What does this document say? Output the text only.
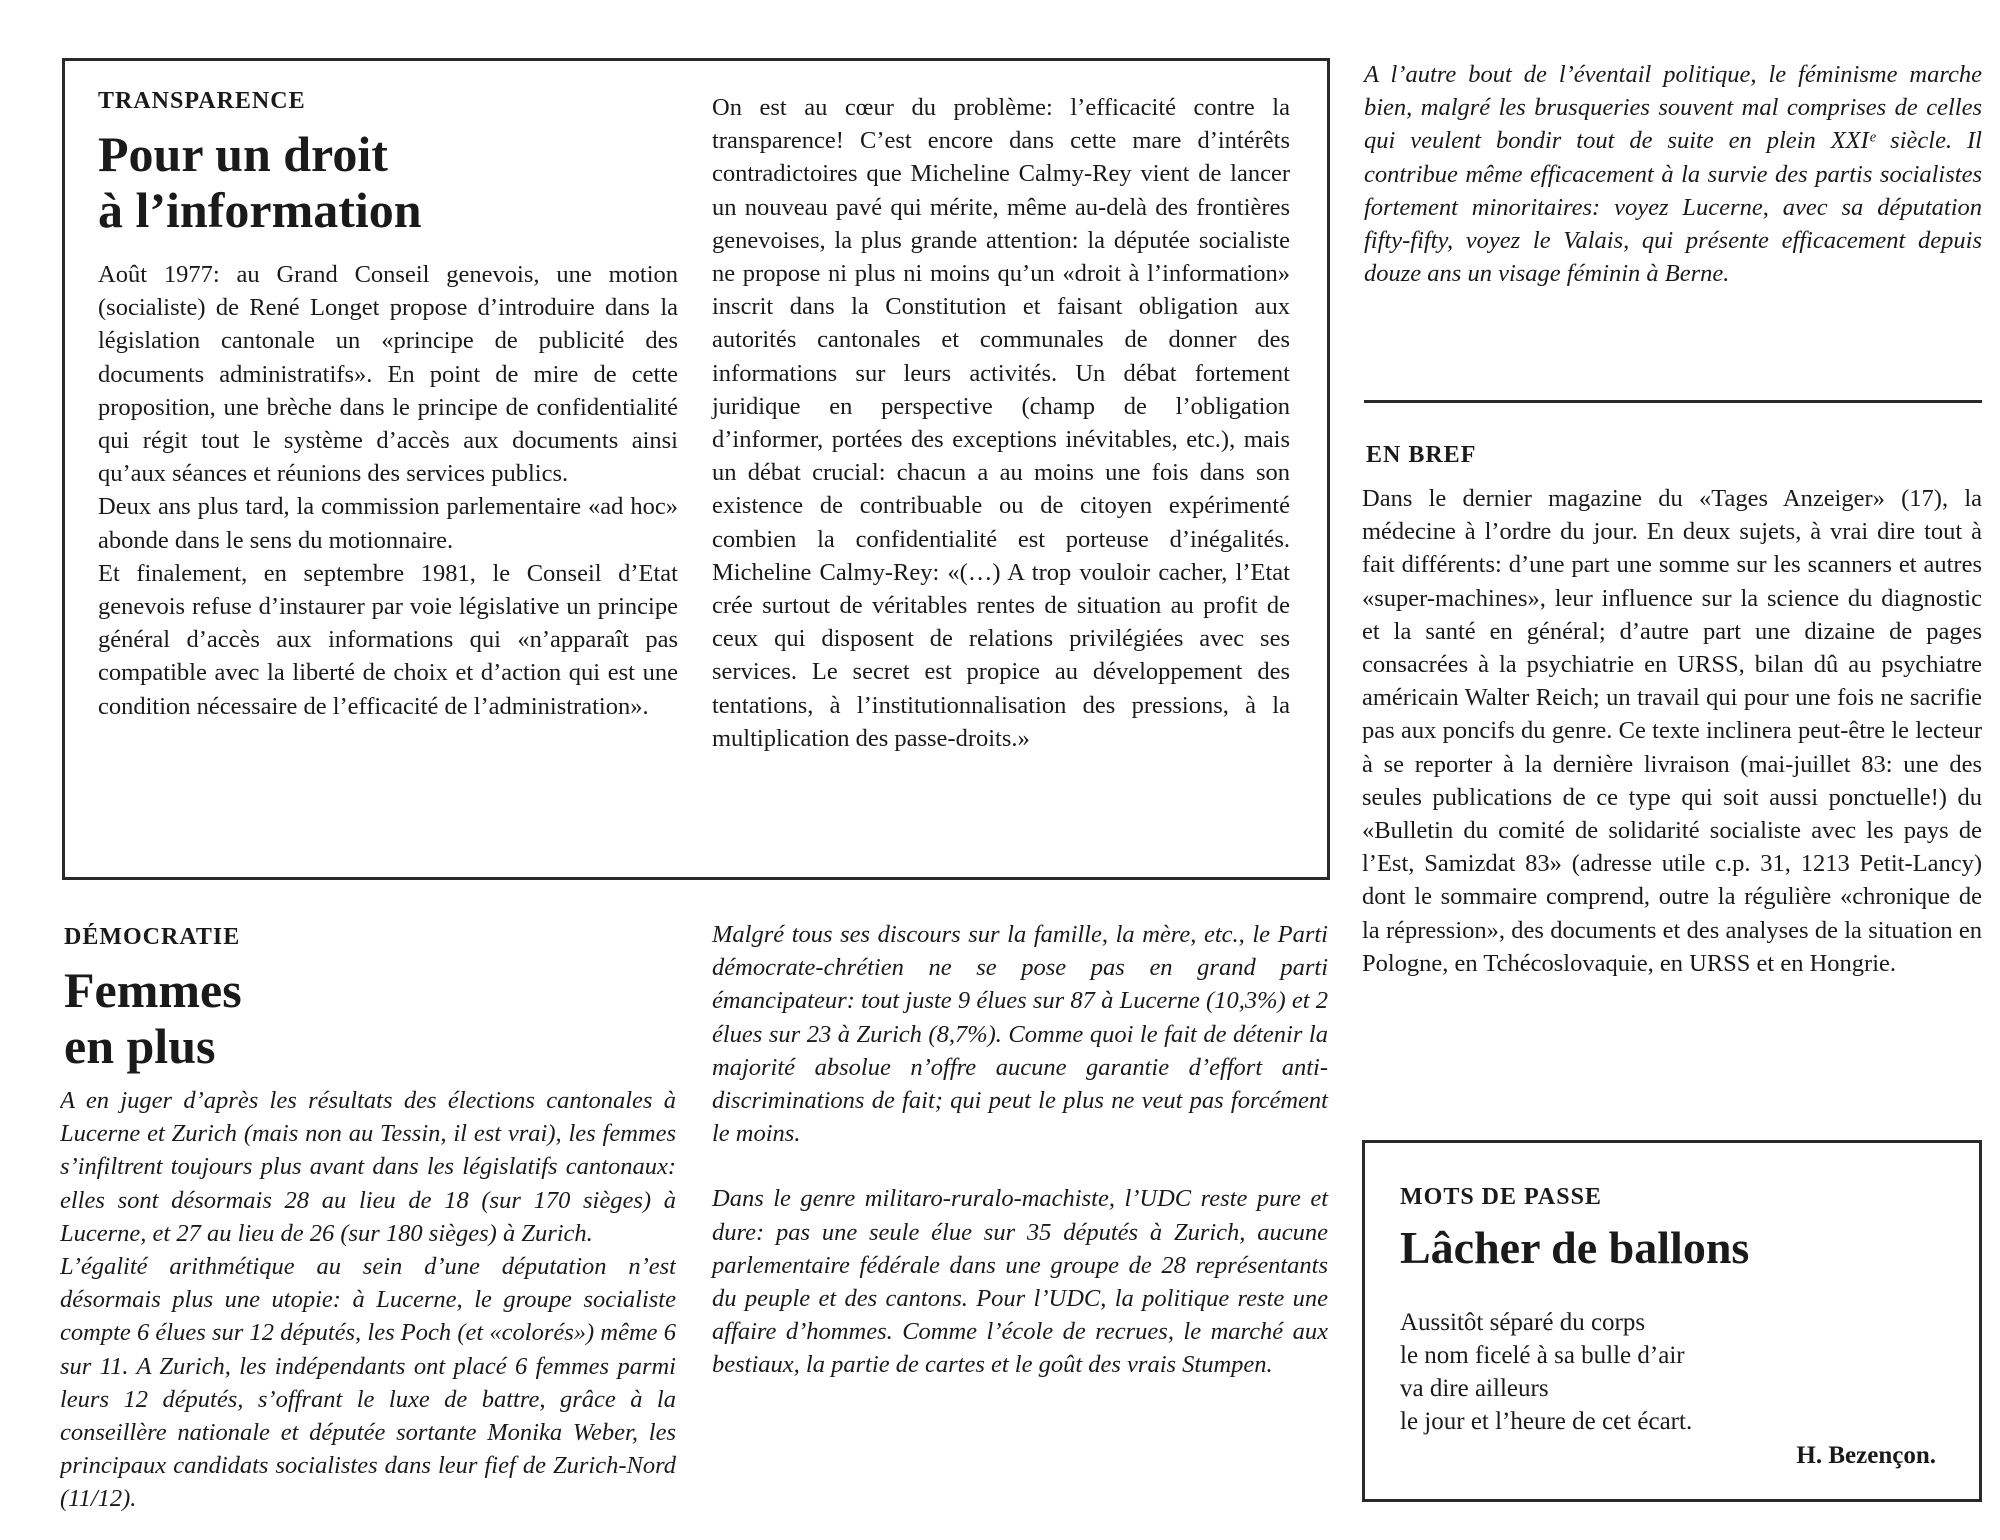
TRANSPARENCE
Pour un droit
à l’information

Août 1977: au Grand Conseil genevois, une motion (socialiste) de René Longet propose d’introduire dans la législation cantonale un «principe de publicité des documents administratifs». En point de mire de cette proposition, une brèche dans le principe de confidentialité qui régit tout le système d’accès aux documents ainsi qu’aux séances et réunions des services publics.

Deux ans plus tard, la commission parlementaire «ad hoc» abonde dans le sens du motionnaire.

Et finalement, en septembre 1981, le Conseil d’Etat genevois refuse d’instaurer par voie législative un principe général d’accès aux informations qui «n’apparaît pas compatible avec la liberté de choix et d’action qui est une condition nécessaire de l’efficacité de l’administration».

On est au cœur du problème: l’efficacité contre la transparence! C’est encore dans cette mare d’intérêts contradictoires que Micheline Calmy-Rey vient de lancer un nouveau pavé qui mérite, même au-delà des frontières genevoises, la plus grande attention: la députée socialiste ne propose ni plus ni moins qu’un «droit à l’information» inscrit dans la Constitution et faisant obligation aux autorités cantonales et communales de donner des informations sur leurs activités. Un débat fortement juridique en perspective (champ de l’obligation d’informer, portées des exceptions inévitables, etc.), mais un débat crucial: chacun a au moins une fois dans son existence de contribuable ou de citoyen expérimenté combien la confidentialité est porteuse d’inégalités. Micheline Calmy-Rey: «(…) A trop vouloir cacher, l’Etat crée surtout de véritables rentes de situation au profit de ceux qui disposent de relations privilégiées avec ses services. Le secret est propice au développement des tentations, à l’institutionnalisation des pressions, à la multiplication des passe-droits.»

DÉMOCRATIE
Femmes
en plus

A en juger d’après les résultats des élections cantonales à Lucerne et Zurich (mais non au Tessin, il est vrai), les femmes s’infiltrent toujours plus avant dans les législatifs cantonaux: elles sont désormais 28 au lieu de 18 (sur 170 sièges) à Lucerne, et 27 au lieu de 26 (sur 180 sièges) à Zurich.

L’égalité arithmétique au sein d’une députation n’est désormais plus une utopie: à Lucerne, le groupe socialiste compte 6 élues sur 12 députés, les Poch (et «colorés») même 6 sur 11. A Zurich, les indépendants ont placé 6 femmes parmi leurs 12 députés, s’offrant le luxe de battre, grâce à la conseillère nationale et députée sortante Monika Weber, les principaux candidats socialistes dans leur fief de Zurich-Nord (11/12).

Malgré tous ses discours sur la famille, la mère, etc., le Parti démocrate-chrétien ne se pose pas en grand parti émancipateur: tout juste 9 élues sur 87 à Lucerne (10,3%) et 2 élues sur 23 à Zurich (8,7%). Comme quoi le fait de détenir la majorité absolue n’offre aucune garantie d’effort anti-discriminations de fait; qui peut le plus ne veut pas forcément le moins.

Dans le genre militaro-ruralo-machiste, l’UDC reste pure et dure: pas une seule élue sur 35 députés à Zurich, aucune parlementaire fédérale dans une groupe de 28 représentants du peuple et des cantons. Pour l’UDC, la politique reste une affaire d’hommes. Comme l’école de recrues, le marché aux bestiaux, la partie de cartes et le goût des vrais Stumpen.

A l’autre bout de l’éventail politique, le féminisme marche bien, malgré les brusqueries souvent mal comprises de celles qui veulent bondir tout de suite en plein XXIᵉ siècle. Il contribue même efficacement à la survie des partis socialistes fortement minoritaires: voyez Lucerne, avec sa députation fifty-fifty, voyez le Valais, qui présente efficacement depuis douze ans un visage féminin à Berne.

EN BREF

Dans le dernier magazine du «Tages Anzeiger» (17), la médecine à l’ordre du jour. En deux sujets, à vrai dire tout à fait différents: d’une part une somme sur les scanners et autres «super-machines», leur influence sur la science du diagnostic et la santé en général; d’autre part une dizaine de pages consacrées à la psychiatrie en URSS, bilan dû au psychiatre américain Walter Reich; un travail qui pour une fois ne sacrifie pas aux poncifs du genre. Ce texte inclinera peut-être le lecteur à se reporter à la dernière livraison (mai-juillet 83: une des seules publications de ce type qui soit aussi ponctuelle!) du «Bulletin du comité de solidarité socialiste avec les pays de l’Est, Samizdat 83» (adresse utile c.p. 31, 1213 Petit-Lancy) dont le sommaire comprend, outre la régulière «chronique de la répression», des documents et des analyses de la situation en Pologne, en Tchécoslovaquie, en URSS et en Hongrie.

MOTS DE PASSE
Lâcher de ballons
Aussitôt séparé du corps
le nom ficelé à sa bulle d’air
va dire ailleurs
le jour et l’heure de cet écart.
H. Bezençon.
